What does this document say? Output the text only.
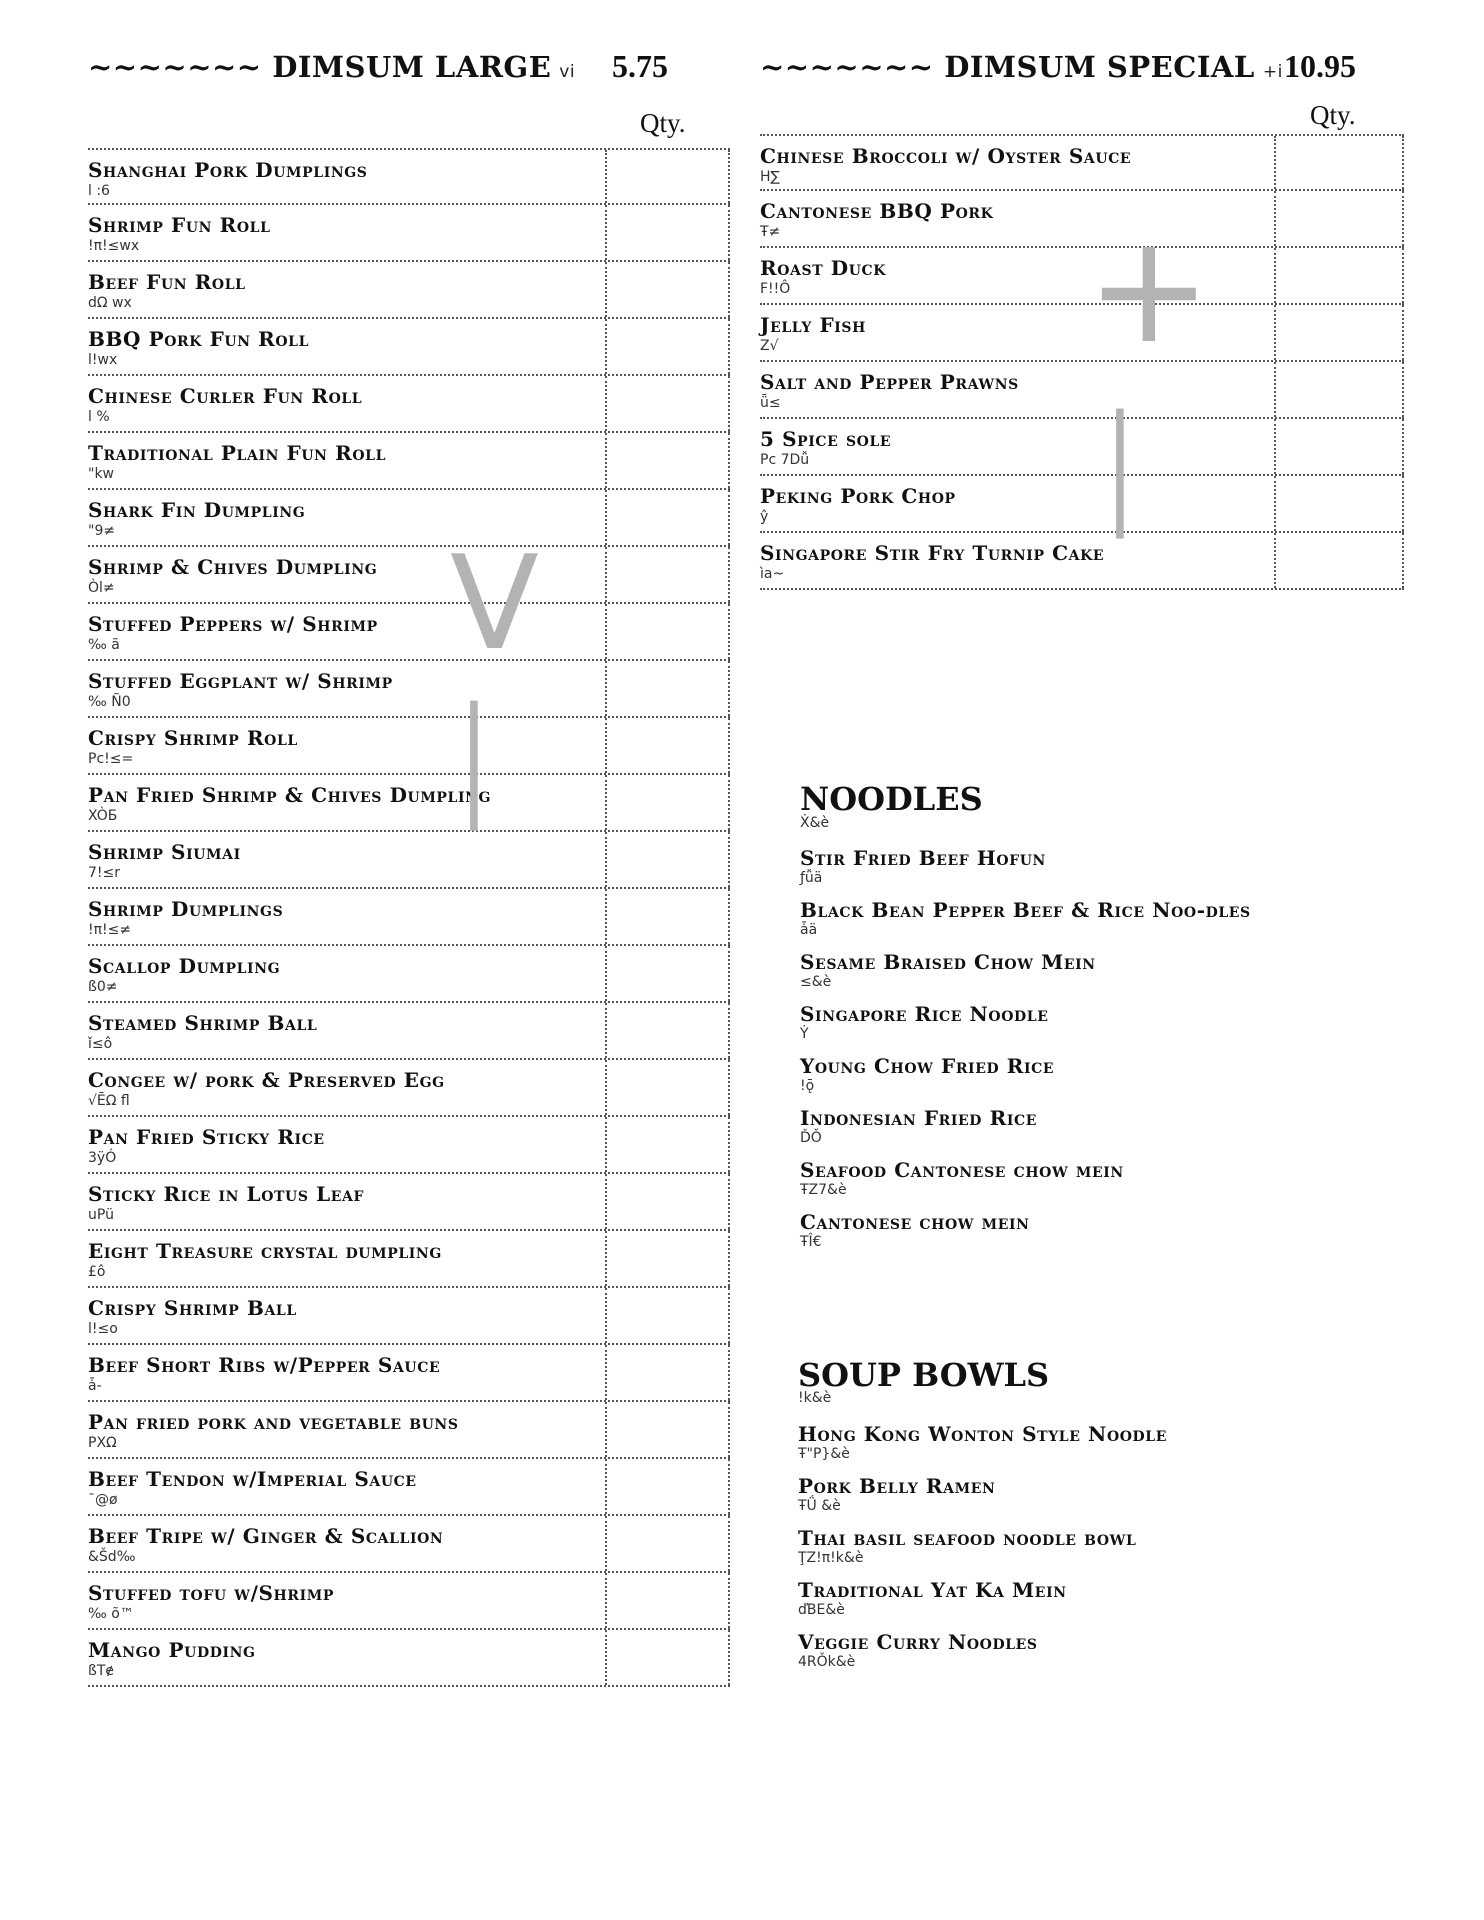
~~~~~~~ DIMSUM LARGE vi 5.75
Qty.
Shanghai Pork Dumplings
l :6
Shrimp Fun Roll
!π!≤wx
Beef Fun Roll
dΩ wx
BBQ Pork Fun Roll
l!wx
Chinese Curler Fun Roll
l %
Traditional Plain Fun Roll
"kw
Shark Fin Dumpling
"9≠
Shrimp & Chives Dumpling
Òl≠
Stuffed Peppers w/ Shrimp
‰ ã
Stuffed Eggplant w/ Shrimp
‰ Ñ0
Crispy Shrimp Roll
Pc!≤=
Pan Fried Shrimp & Chives Dumpling
XÒБ
Shrimp Siumai
7!≤r
Shrimp Dumplings
!π!≤≠
Scallop Dumpling
ß0≠
Steamed Shrimp Ball
ǐ≤ô
Congee w/ pork & Preserved Egg
√ĒΩ fl
Pan Fried Sticky Rice
3ÿÓ
Sticky Rice in Lotus Leaf
uPü
Eight Treasure crystal dumpling
£ô
Crispy Shrimp Ball
l!≤o
Beef Short Ribs w/Pepper Sauce
ǡ-
Pan fried pork and vegetable buns
PXΩ
Beef Tendon w/Imperial Sauce
ˉ@ø
Beef Tripe w/ Ginger & Scallion
&Šd‰
Stuffed tofu w/Shrimp
‰ õ™
Mango Pudding
ßTɇ
~~~~~~~ DIMSUM SPECIAL +i 10.95
Qty.
Chinese Broccoli w/ Oyster Sauce
H∑
Cantonese BBQ Pork
Ŧ≠
Roast Duck
F!!Ô
Jelly Fish
Z√
Salt and Pepper Prawns
ǖ≤
5 Spice sole
Pc 7Dǚ
Peking Pork Chop
ŷ
Singapore Stir Fry Turnip Cake
ìa~
NOODLES
Ẋ&è
Stir Fried Beef Hofun
ƒǚä
Black Bean Pepper Beef & Rice Noo-dles
ǡä
Sesame Braised Chow Mein
≤&è
Singapore Rice Noodle
Ẏ
Young Chow Fried Rice
!ǭ
Indonesian Fried Rice
ĎǑ
Seafood Cantonese chow mein
ŦZ7&è
Cantonese chow mein
ŦÎ€
SOUP BOWLS
!k&è
Hong Kong Wonton Style Noodle
Ŧ"P}&è
Pork Belly Ramen
ŦǗ &è
Thai basil seafood noodle bowl
ŢZ!π!k&è
Traditional Yat Ka Mein
ďBE&è
Veggie Curry Noodles
4RǑk&è
V
|
+
|
